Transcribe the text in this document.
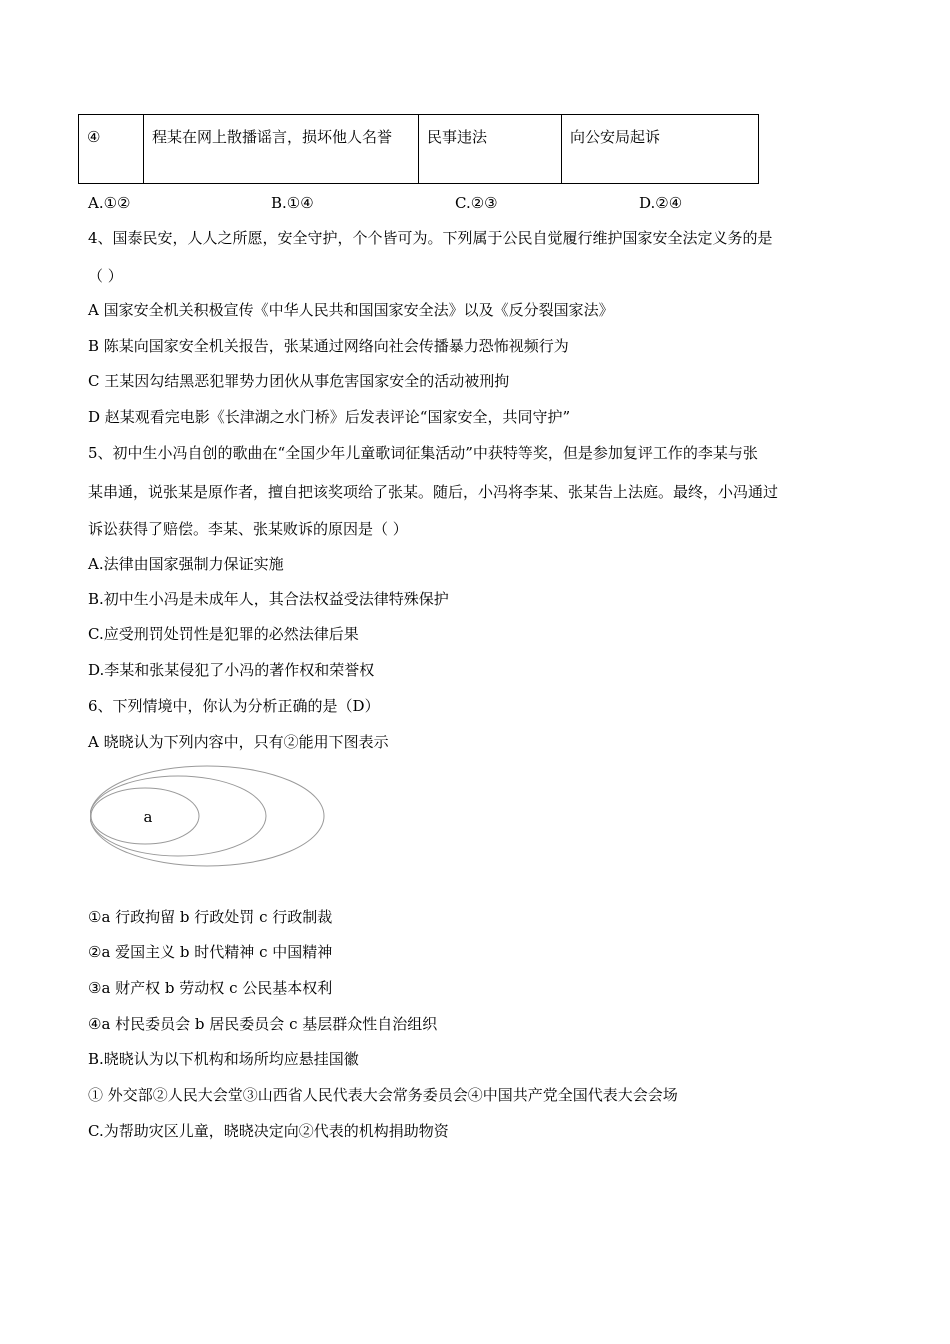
④	程某在网上散播谣言，损坏他人名誉	民事违法	向公安局起诉
A.①②	B.①④	C.②③	D.②④
4、国泰民安，人人之所愿，安全守护，个个皆可为。下列属于公民自觉履行维护国家安全法定义务的是
（ ）
A 国家安全机关积极宣传《中华人民共和国国家安全法》以及《反分裂国家法》
B 陈某向国家安全机关报告，张某通过网络向社会传播暴力恐怖视频行为
C 王某因勾结黑恶犯罪势力团伙从事危害国家安全的活动被刑拘
D 赵某观看完电影《长津湖之水门桥》后发表评论“国家安全，共同守护”
5、初中生小冯自创的歌曲在“全国少年儿童歌词征集活动”中获特等奖，但是参加复评工作的李某与张
某串通，说张某是原作者，擅自把该奖项给了张某。随后，小冯将李某、张某告上法庭。最终，小冯通过
诉讼获得了赔偿。李某、张某败诉的原因是（ ）
A.法律由国家强制力保证实施
B.初中生小冯是未成年人，其合法权益受法律特殊保护
C.应受刑罚处罚性是犯罪的必然法律后果
D.李某和张某侵犯了小冯的著作权和荣誉权
6、下列情境中，你认为分析正确的是（D）
A 晓晓认为下列内容中，只有②能用下图表示
a
①a 行政拘留 b 行政处罚 c 行政制裁
②a 爱国主义 b 时代精神 c 中国精神
③a 财产权 b 劳动权 c 公民基本权利
④a 村民委员会 b 居民委员会 c 基层群众性自治组织
B.晓晓认为以下机构和场所均应悬挂国徽
① 外交部②人民大会堂③山西省人民代表大会常务委员会④中国共产党全国代表大会会场
C.为帮助灾区儿童，晓晓决定向②代表的机构捐助物资
